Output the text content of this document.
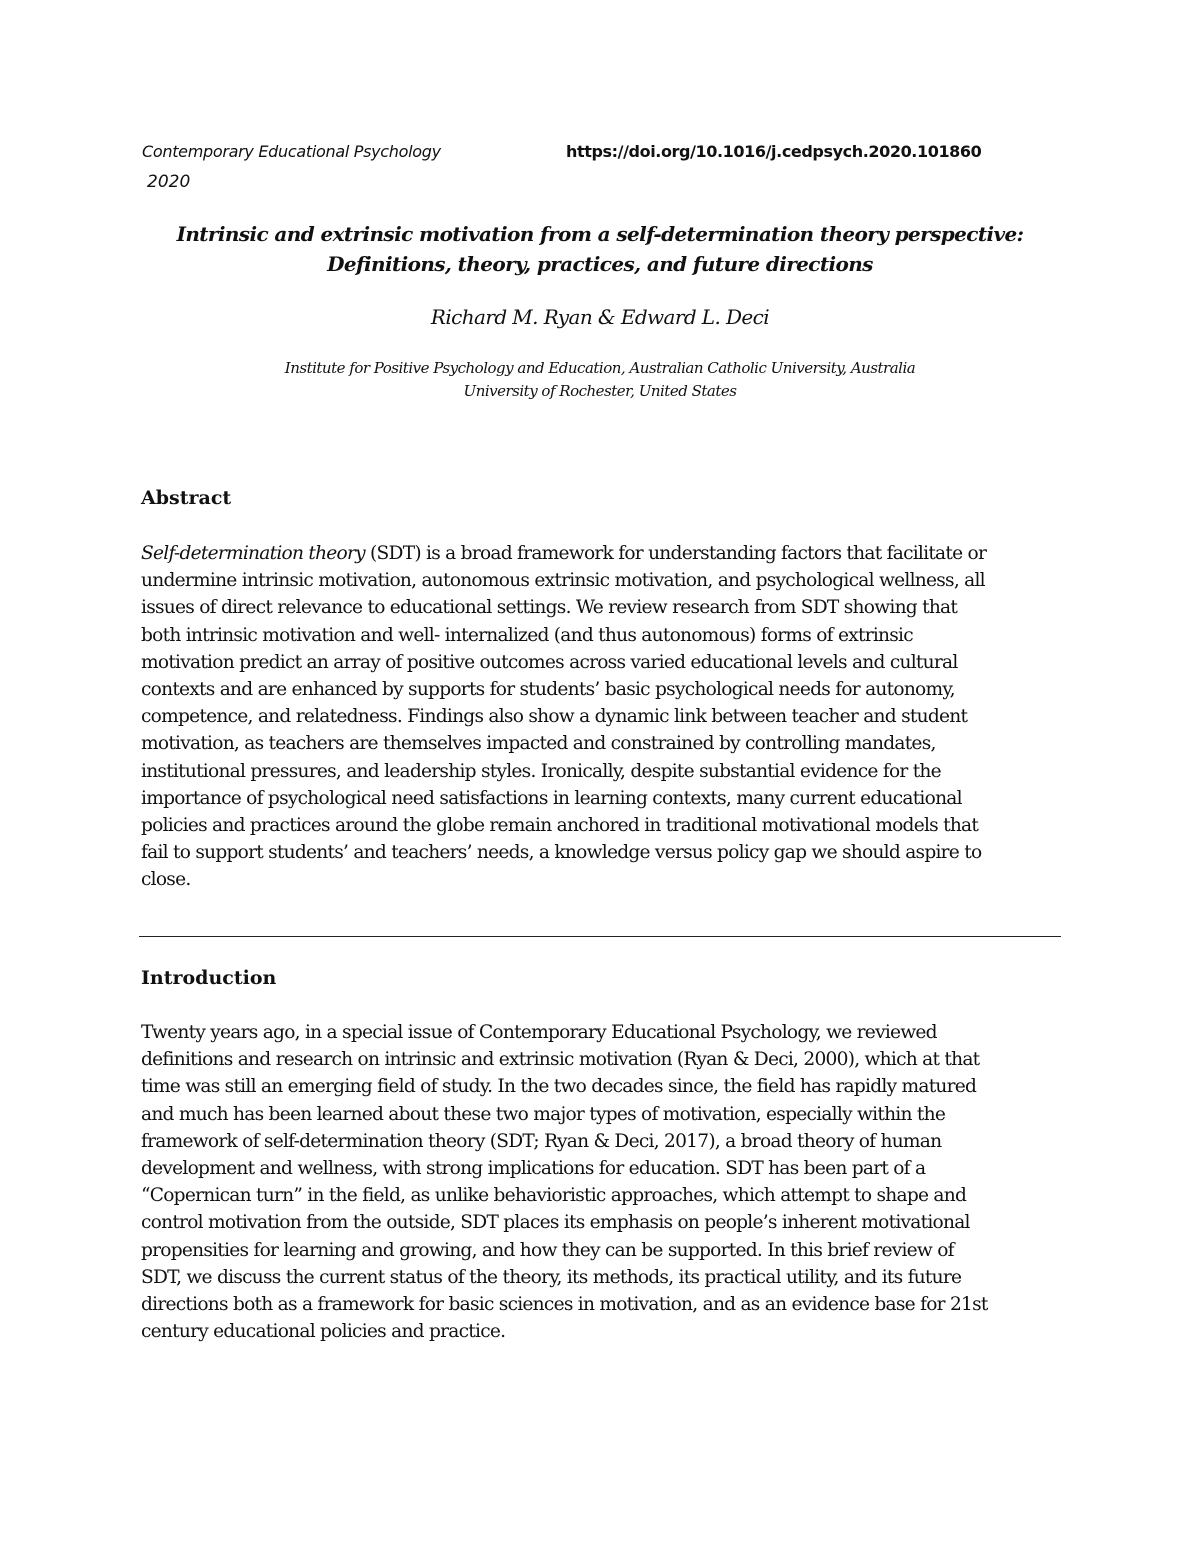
Contemporary Educational Psychology	https://doi.org/10.1016/j.cedpsych.2020.101860
2020
Intrinsic and extrinsic motivation from a self-determination theory perspective:
Definitions, theory, practices, and future directions
Richard M. Ryan & Edward L. Deci
Institute for Positive Psychology and Education, Australian Catholic University, Australia
University of Rochester, United States
Abstract
Self-determination theory (SDT) is a broad framework for understanding factors that facilitate or
undermine intrinsic motivation, autonomous extrinsic motivation, and psychological wellness, all
issues of direct relevance to educational settings. We review research from SDT showing that
both intrinsic motivation and well- internalized (and thus autonomous) forms of extrinsic
motivation predict an array of positive outcomes across varied educational levels and cultural
contexts and are enhanced by supports for students’ basic psychological needs for autonomy,
competence, and relatedness. Findings also show a dynamic link between teacher and student
motivation, as teachers are themselves impacted and constrained by controlling mandates,
institutional pressures, and leadership styles. Ironically, despite substantial evidence for the
importance of psychological need satisfactions in learning contexts, many current educational
policies and practices around the globe remain anchored in traditional motivational models that
fail to support students’ and teachers’ needs, a knowledge versus policy gap we should aspire to
close.
Introduction
Twenty years ago, in a special issue of Contemporary Educational Psychology, we reviewed
definitions and research on intrinsic and extrinsic motivation (Ryan & Deci, 2000), which at that
time was still an emerging field of study. In the two decades since, the field has rapidly matured
and much has been learned about these two major types of motivation, especially within the
framework of self-determination theory (SDT; Ryan & Deci, 2017), a broad theory of human
development and wellness, with strong implications for education. SDT has been part of a
“Copernican turn” in the field, as unlike behavioristic approaches, which attempt to shape and
control motivation from the outside, SDT places its emphasis on people’s inherent motivational
propensities for learning and growing, and how they can be supported. In this brief review of
SDT, we discuss the current status of the theory, its methods, its practical utility, and its future
directions both as a framework for basic sciences in motivation, and as an evidence base for 21st
century educational policies and practice.
